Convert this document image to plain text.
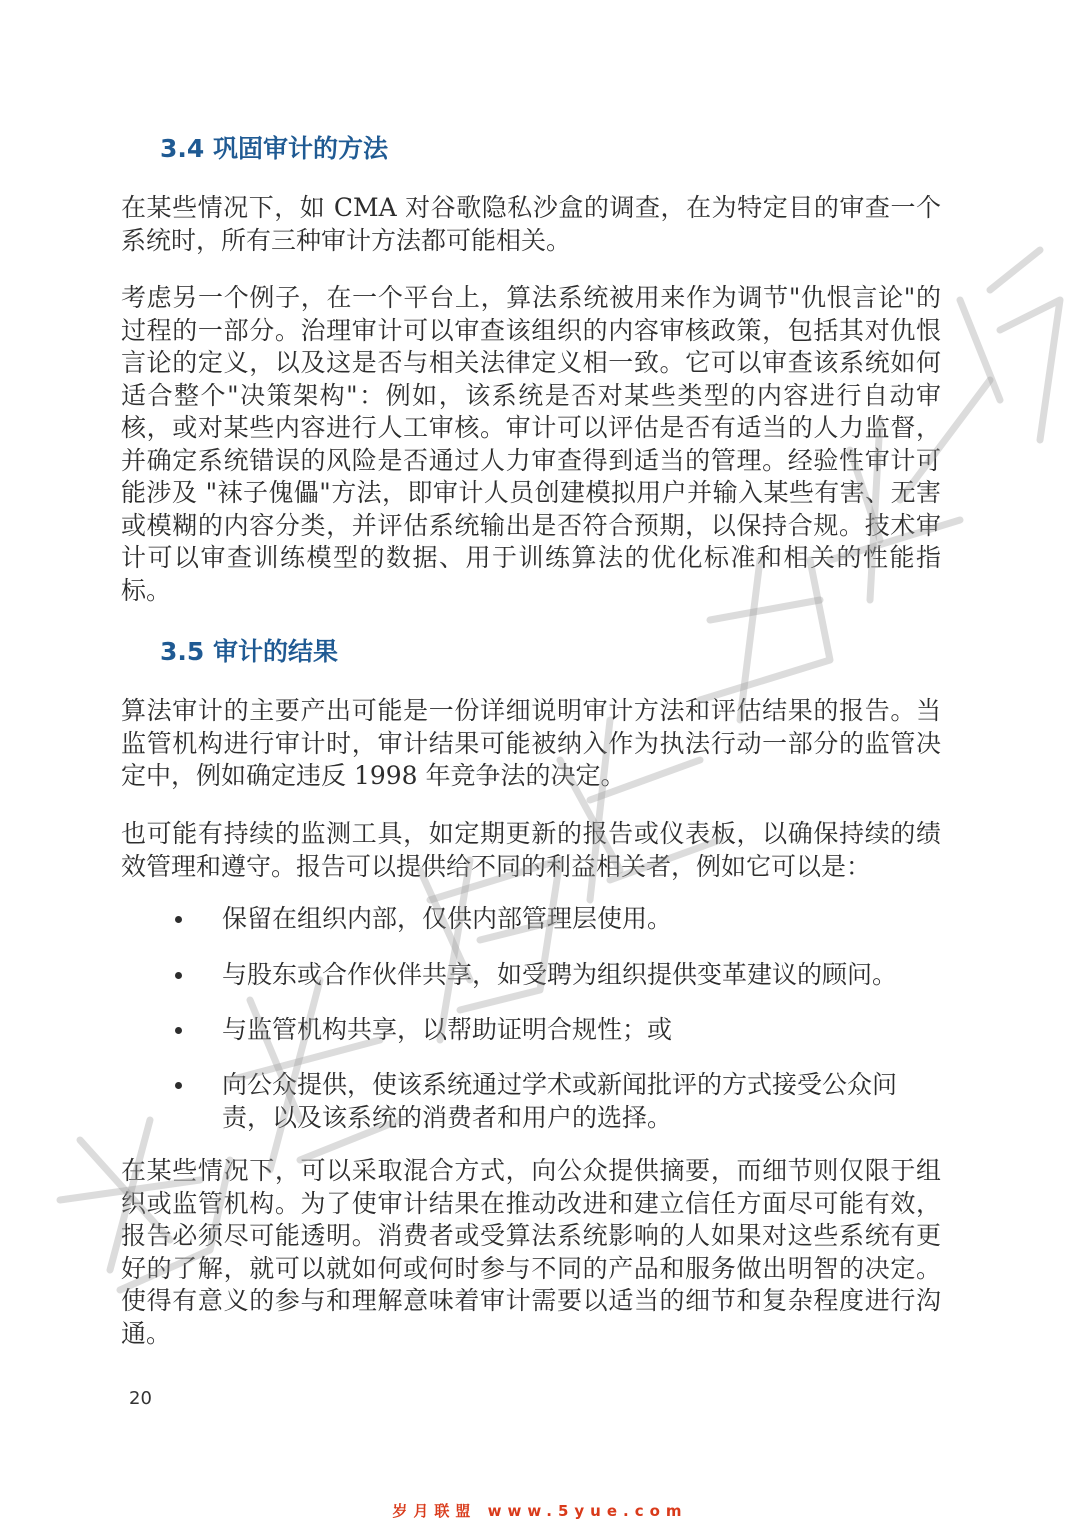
3.4 巩固审计的方法
在某些情况下，如 CMA 对谷歌隐私沙盒的调查，在为特定目的审查一个系统时，所有三种审计方法都可能相关。
考虑另一个例子，在一个平台上，算法系统被用来作为调节"仇恨言论"的过程的一部分。治理审计可以审查该组织的内容审核政策，包括其对仇恨言论的定义，以及这是否与相关法律定义相一致。它可以审查该系统如何适合整个"决策架构"：例如，该系统是否对某些类型的内容进行自动审核，或对某些内容进行人工审核。审计可以评估是否有适当的人力监督，并确定系统错误的风险是否通过人力审查得到适当的管理。经验性审计可能涉及 "袜子傀儡"方法，即审计人员创建模拟用户并输入某些有害、无害或模糊的内容分类，并评估系统输出是否符合预期，以保持合规。技术审计可以审查训练模型的数据、用于训练算法的优化标准和相关的性能指标。
3.5 审计的结果
算法审计的主要产出可能是一份详细说明审计方法和评估结果的报告。当监管机构进行审计时，审计结果可能被纳入作为执法行动一部分的监管决定中，例如确定违反 1998 年竞争法的决定。
也可能有持续的监测工具，如定期更新的报告或仪表板，以确保持续的绩效管理和遵守。报告可以提供给不同的利益相关者，例如它可以是：
保留在组织内部，仅供内部管理层使用。
与股东或合作伙伴共享，如受聘为组织提供变革建议的顾问。
与监管机构共享，以帮助证明合规性；或
向公众提供，使该系统通过学术或新闻批评的方式接受公众问责，以及该系统的消费者和用户的选择。
在某些情况下，可以采取混合方式，向公众提供摘要，而细节则仅限于组织或监管机构。为了使审计结果在推动改进和建立信任方面尽可能有效，报告必须尽可能透明。消费者或受算法系统影响的人如果对这些系统有更好的了解，就可以就如何或何时参与不同的产品和服务做出明智的决定。使得有意义的参与和理解意味着审计需要以适当的细节和复杂程度进行沟通。
20
岁月联盟 www.5yue.com
